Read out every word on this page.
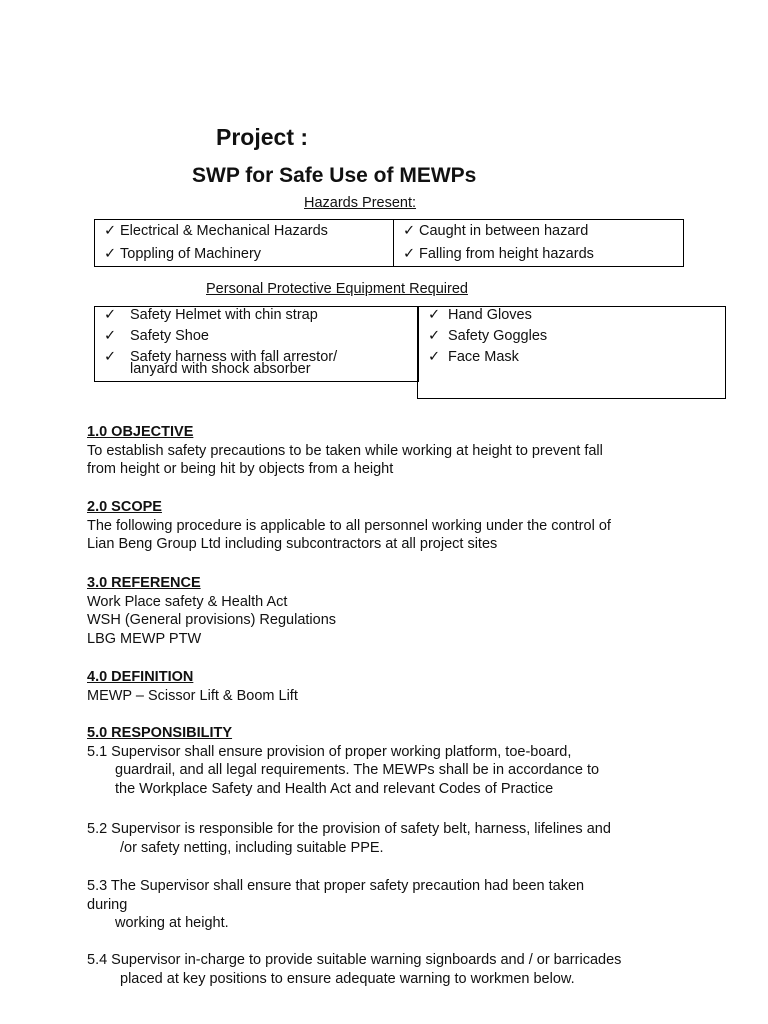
Project :
SWP for Safe Use of MEWPs
Hazards Present:
✓ Electrical & Mechanical Hazards
✓ Toppling of Machinery
✓ Caught in between hazard
✓ Falling from height hazards
Personal Protective Equipment Required
✓ Safety Helmet with chin strap
✓ Safety Shoe
✓ Safety harness with fall arrestor/
lanyard with shock absorber
✓ Hand Gloves
✓ Safety Goggles
✓ Face Mask
1.0 OBJECTIVE
To establish safety precautions to be taken while working at height to prevent fall
from height or being hit by objects from a height
2.0 SCOPE
The following procedure is applicable to all personnel working under the control of
Lian Beng Group Ltd including subcontractors at all project sites
3.0 REFERENCE
Work Place safety & Health Act
WSH (General provisions) Regulations
LBG MEWP PTW
4.0 DEFINITION
MEWP – Scissor Lift & Boom Lift
5.0 RESPONSIBILITY
5.1 Supervisor shall ensure provision of proper working platform, toe-board,
guardrail, and all legal requirements. The MEWPs shall be in accordance to
the Workplace Safety and Health Act and relevant Codes of Practice
5.2 Supervisor is responsible for the provision of safety belt, harness, lifelines and
/or safety netting, including suitable PPE.
5.3 The Supervisor shall ensure that proper safety precaution had been taken
during
working at height.
5.4 Supervisor in-charge to provide suitable warning signboards and / or barricades
placed at key positions to ensure adequate warning to workmen below.
